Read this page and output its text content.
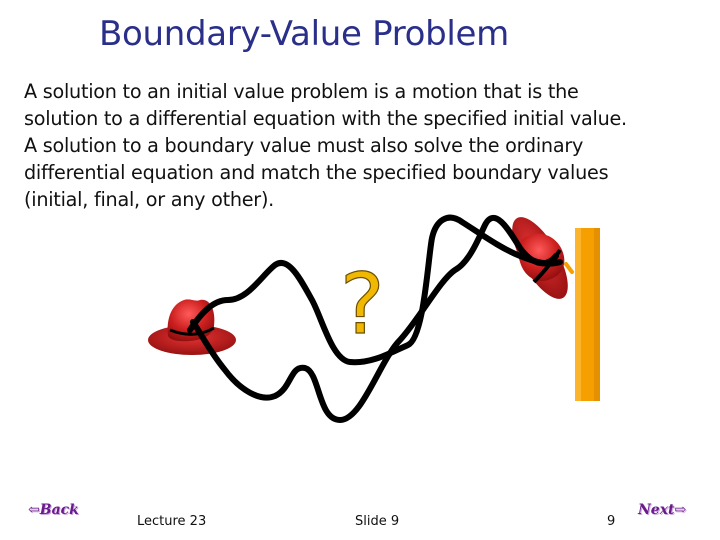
Boundary-Value Problem
A solution to an initial value problem is a motion that is the
solution to a differential equation with the specified initial value.
A solution to a boundary value must also solve the ordinary
differential equation and match the specified boundary values
(initial, final, or any other).
?
⇦Back
Lecture 23	Slide 9	9
Next⇨
